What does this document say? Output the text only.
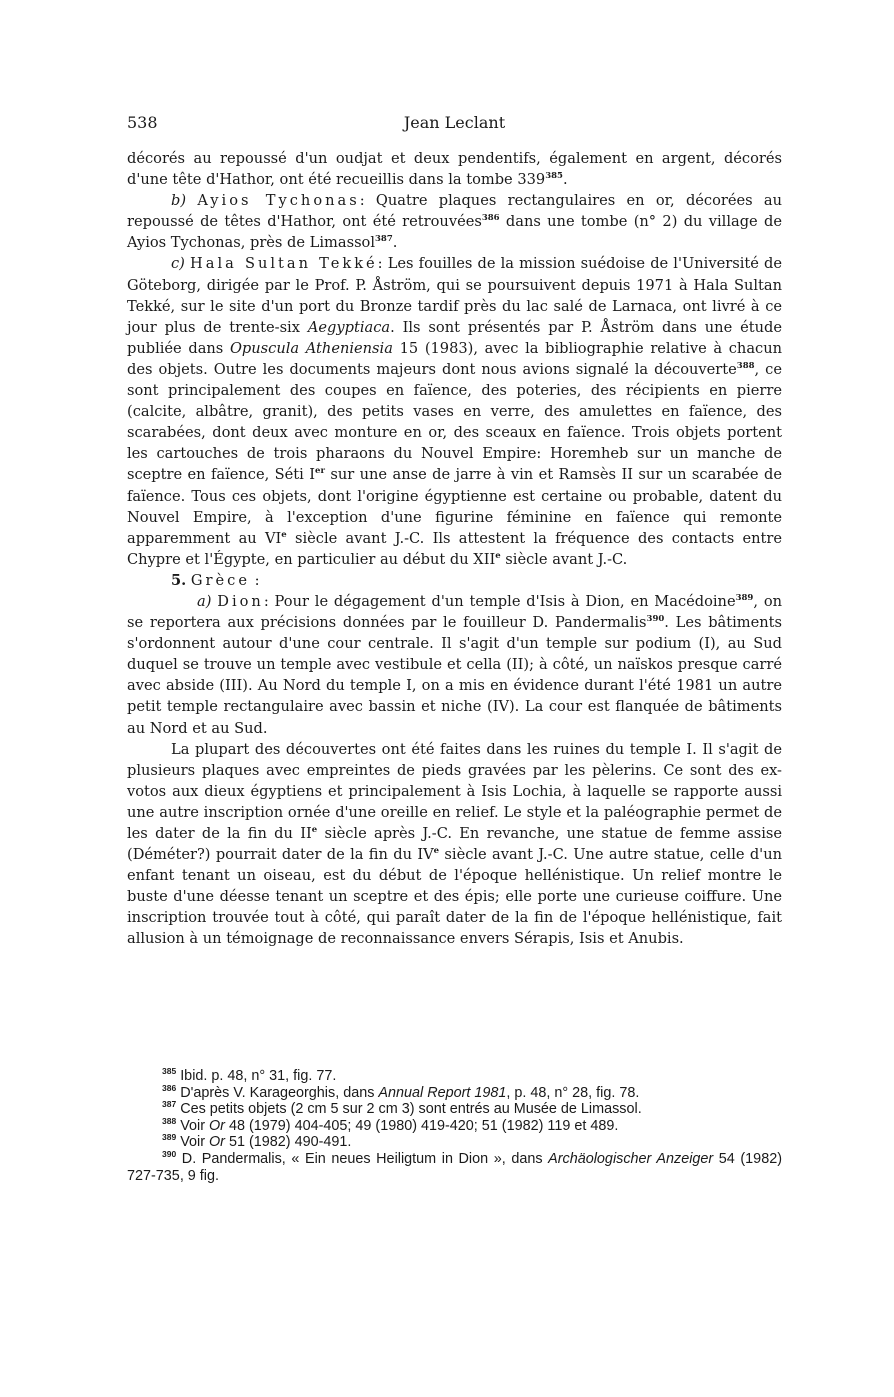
538	Jean Leclant

décorés au repoussé d'un oudjat et deux pendentifs, également en argent, décorés d'une tête d'Hathor, ont été recueillis dans la tombe $339^{385}$.

b) Ayios Tychonas: Quatre plaques rectangulaires en or, décorées au repoussé de têtes d'Hathor, ont été retrouvées$^{386}$ dans une tombe (n° 2) du village de Ayios Tychonas, près de Limassol$^{387}$.

c) Hala Sultan Tekké: Les fouilles de la mission suédoise de l'Université de Göteborg, dirigée par le Prof. P. Åström, qui se poursuivent depuis 1971 à Hala Sultan Tekké, sur le site d'un port du Bronze tardif près du lac salé de Larnaca, ont livré à ce jour plus de trente-six Aegyptiaca. Ils sont présentés par P. Åström dans une étude publiée dans Opuscula Atheniensia 15 (1983), avec la bibliographie relative à chacun des objets. Outre les documents majeurs dont nous avions signalé la découverte$^{388}$, ce sont principalement des coupes en faïence, des poteries, des récipients en pierre (calcite, albâtre, granit), des petits vases en verre, des amulettes en faïence, des scarabées, dont deux avec monture en or, des sceaux en faïence. Trois objets portent les cartouches de trois pharaons du Nouvel Empire: Horemheb sur un manche de sceptre en faïence, Séti Ier sur une anse de jarre à vin et Ramsès II sur un scarabée de faïence. Tous ces objets, dont l'origine égyptienne est certaine ou probable, datent du Nouvel Empire, à l'exception d'une figurine féminine en faïence qui remonte apparemment au VIe siècle avant J.-C. Ils attestent la fréquence des contacts entre Chypre et l'Égypte, en particulier au début du XIIe siècle avant J.-C.

5. Grèce :

a) Dion: Pour le dégagement d'un temple d'Isis à Dion, en Macédoine$^{389}$, on se reportera aux précisions données par le fouilleur D. Pandermalis$^{390}$. Les bâtiments s'ordonnent autour d'une cour centrale. Il s'agit d'un temple sur podium (I), au Sud duquel se trouve un temple avec vestibule et cella (II); à côté, un naïskos presque carré avec abside (III). Au Nord du temple I, on a mis en évidence durant l'été 1981 un autre petit temple rectangulaire avec bassin et niche (IV). La cour est flanquée de bâtiments au Nord et au Sud.

La plupart des découvertes ont été faites dans les ruines du temple I. Il s'agit de plusieurs plaques avec empreintes de pieds gravées par les pèlerins. Ce sont des ex-votos aux dieux égyptiens et principalement à Isis Lochia, à laquelle se rapporte aussi une autre inscription ornée d'une oreille en relief. Le style et la paléographie permet de les dater de la fin du IIe siècle après J.-C. En revanche, une statue de femme assise (Déméter?) pourrait dater de la fin du IVe siècle avant J.-C. Une autre statue, celle d'un enfant tenant un oiseau, est du début de l'époque hellénistique. Un relief montre le buste d'une déesse tenant un sceptre et des épis; elle porte une curieuse coiffure. Une inscription trouvée tout à côté, qui paraît dater de la fin de l'époque hellénistique, fait allusion à un témoignage de reconnaissance envers Sérapis, Isis et Anubis.

$^{385}$ Ibid. p. 48, n° 31, fig. 77.

$^{386}$ D'après V. Karageorghis, dans Annual Report 1981, p. 48, n° 28, fig. 78.

$^{387}$ Ces petits objets (2 cm 5 sur 2 cm 3) sont entrés au Musée de Limassol.

$^{388}$ Voir Or 48 (1979) 404-405; 49 (1980) 419-420; 51 (1982) 119 et 489.

$^{389}$ Voir Or 51 (1982) 490-491.

$^{390}$ D. Pandermalis, « Ein neues Heiligtum in Dion », dans Archäologischer Anzeiger 54 (1982) 727-735, 9 fig.
